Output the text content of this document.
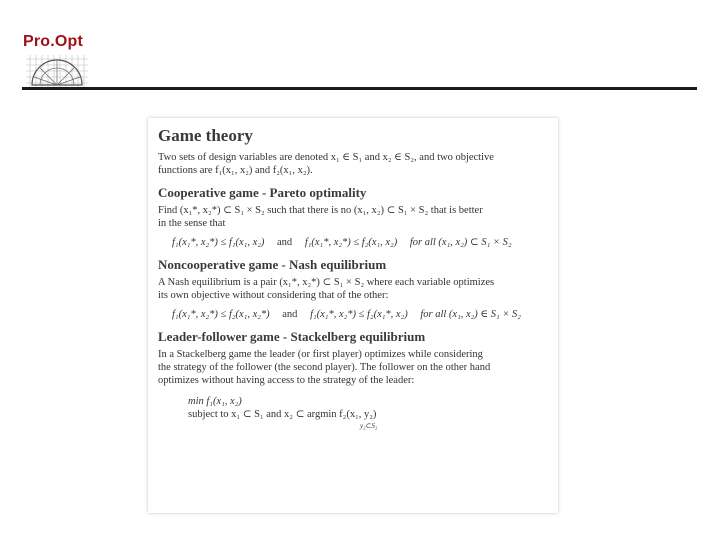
Pro.Opt
Game theory

Two sets of design variables are denoted x₁ ∈ S₁ and x₂ ∈ S₂, and two objective

functions are f₁(x₁, x₂) and f₂(x₁, x₂).

Cooperative game - Pareto optimality

Find (x₁*, x₂*) ⊂ S₁ × S₂ such that there is no (x₁, x₂) ⊂ S₁ × S₂ that is better

in the sense that

f₁(x₁*, x₂*) ≤ f₁(x₁, x₂) and f₁(x₁*, x₂*) ≤ f₂(x₁, x₂) for all (x₁, x₂) ⊂ S₁ × S₂
Noncooperative game - Nash equilibrium

A Nash equilibrium is a pair (x₁*, x₂*) ⊂ S₁ × S₂ where each variable optimizes

its own objective without considering that of the other:

f₁(x₁*, x₂*) ≤ f₂(x₁, x₂*) and f₁(x₁*, x₂*) ≤ f₂(x₁*, x₂) for all (x₁, x₂) ∈ S₁ × S₂
Leader-follower game - Stackelberg equilibrium

In a Stackelberg game the leader (or first player) optimizes while considering

the strategy of the follower (the second player). The follower on the other hand

optimizes without having access to the strategy of the leader:

min f₁(x₁, x₂)
subject to x₁ ⊂ S₁ and x₂ ⊂ argmin f₂(x₁, y₂)
y₂⊂S₂
